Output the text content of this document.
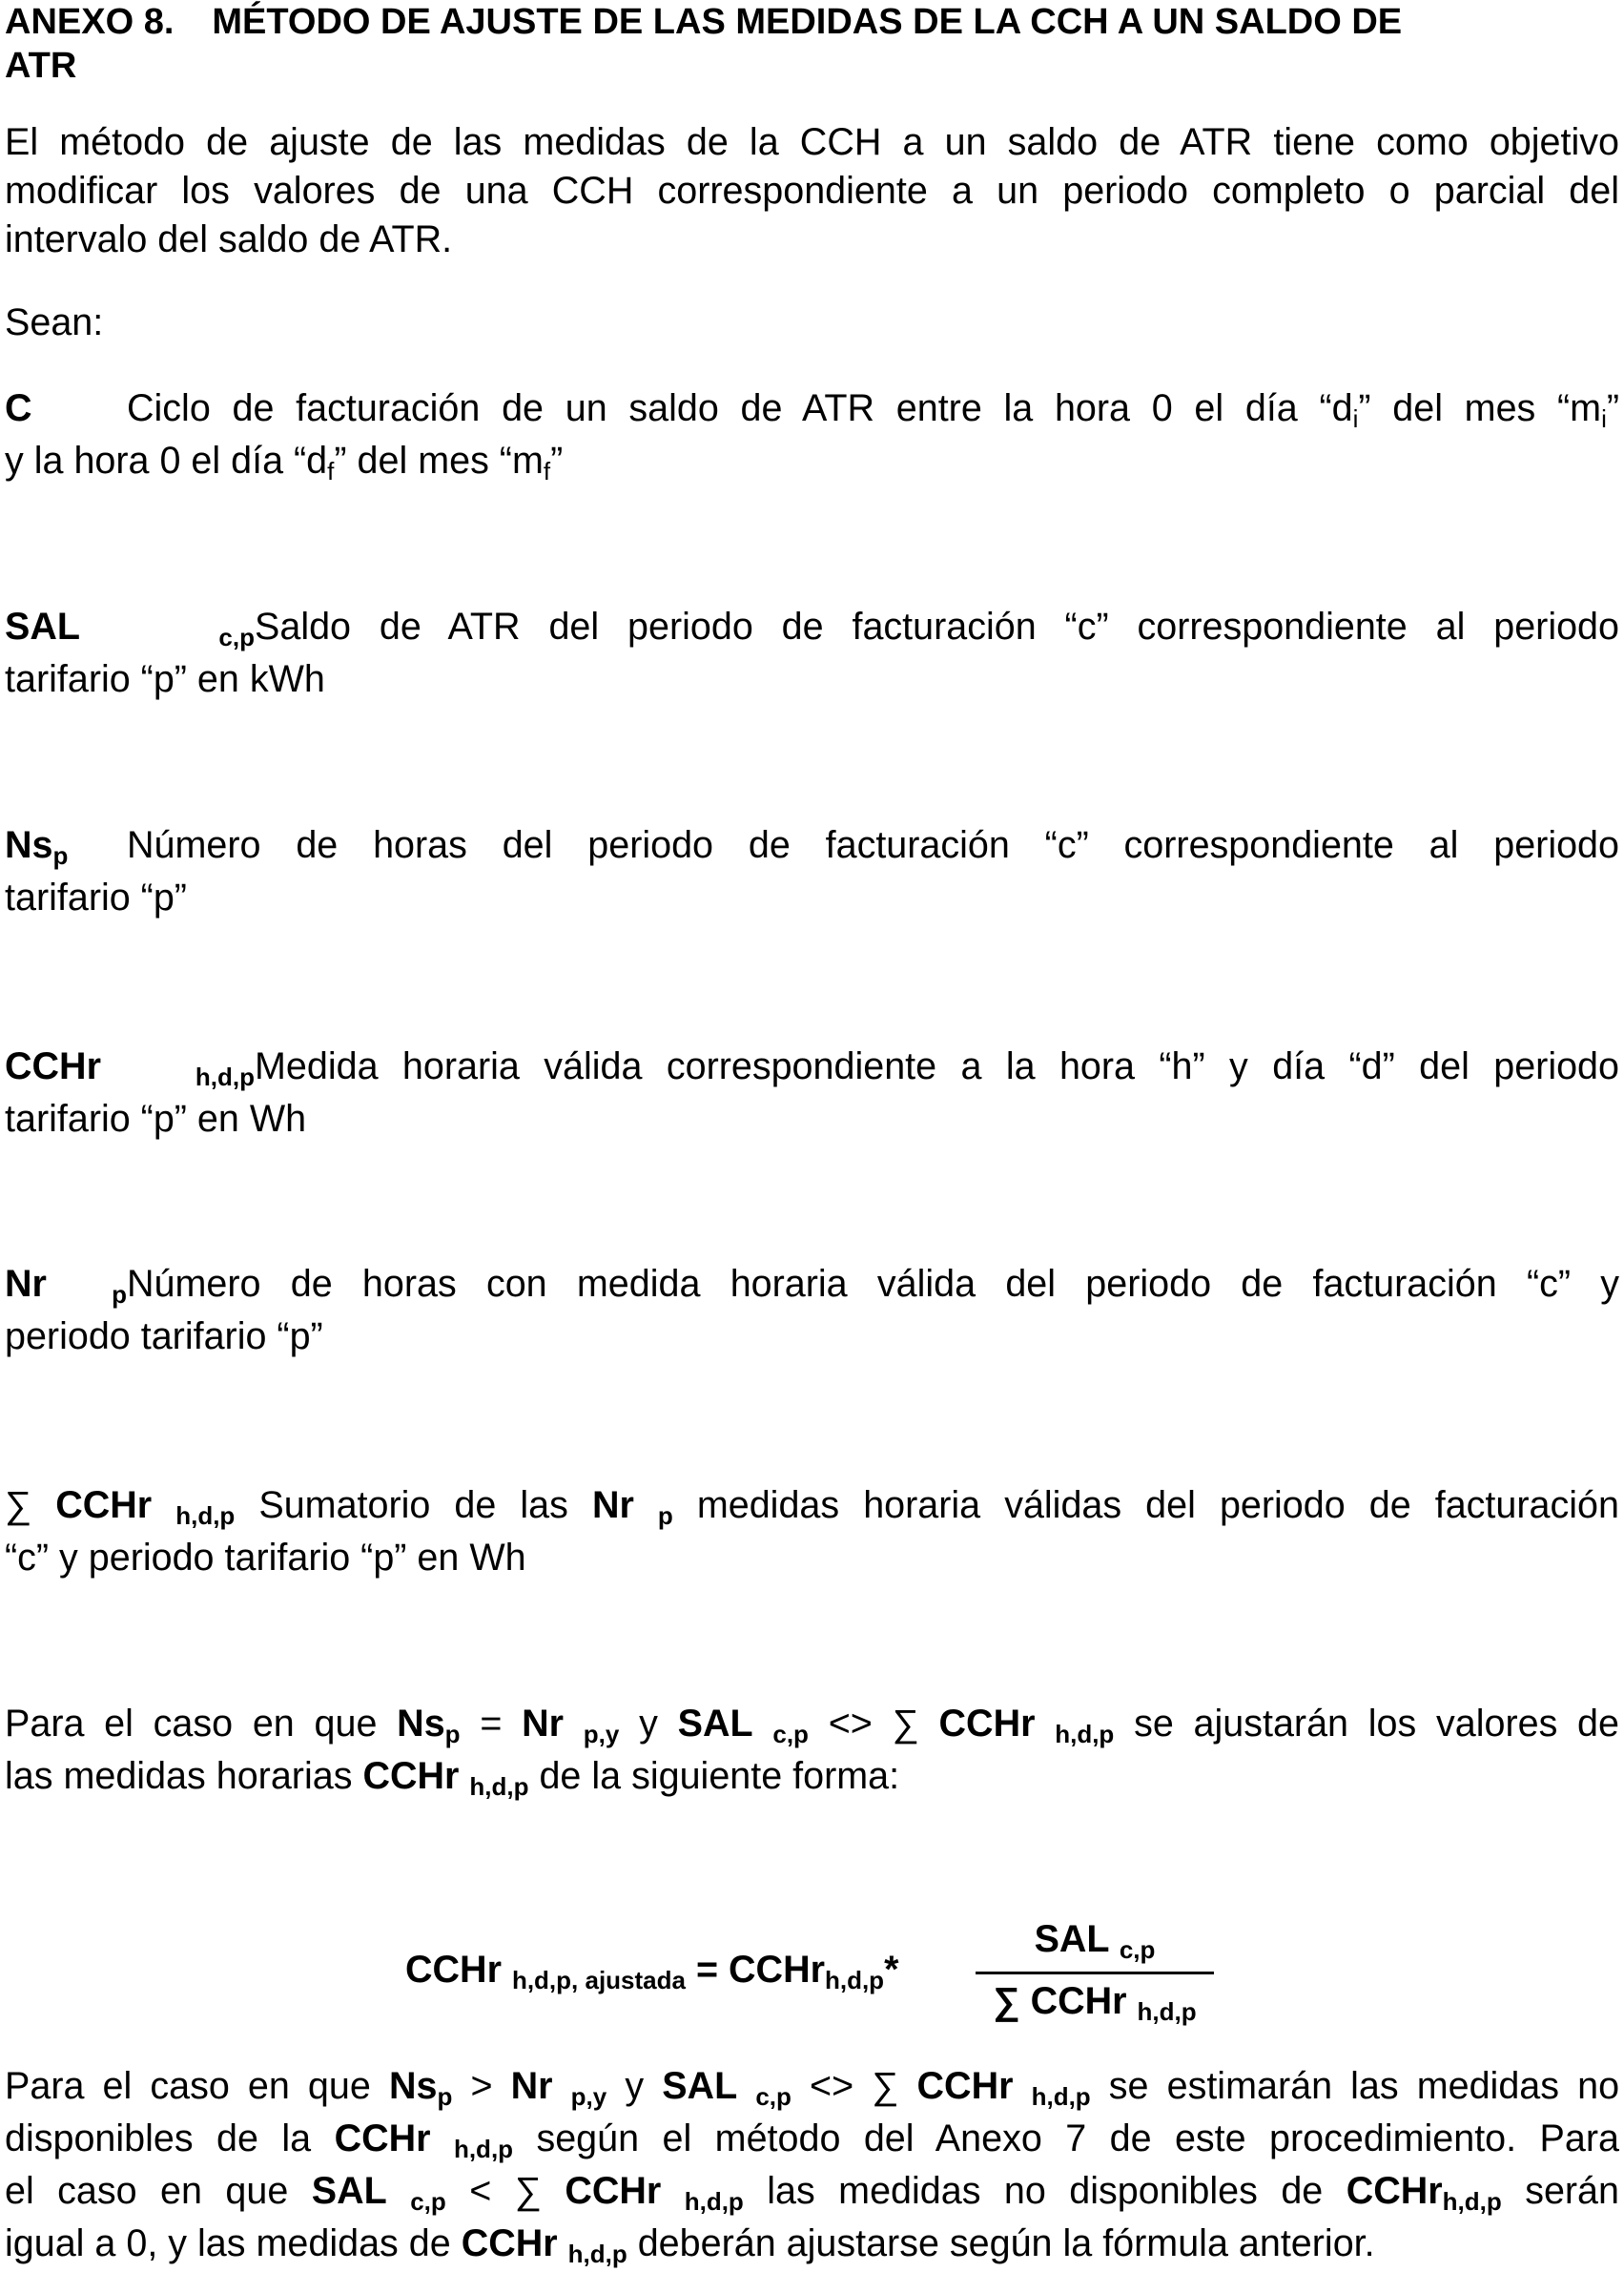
ANEXO 8. MÉTODO DE AJUSTE DE LAS MEDIDAS DE LA CCH A UN SALDO DE
ATR
El método de ajuste de las medidas de la CCH a un saldo de ATR tiene como objetivo
modificar los valores de una CCH correspondiente a un periodo completo o parcial del
intervalo del saldo de ATR.
Sean:
C	Ciclo de facturación de un saldo de ATR entre la hora 0 el día “di” del mes “mi”
y la hora 0 el día “df” del mes “mf”
SAL	c,pSaldo de ATR del periodo de facturación “c” correspondiente al periodo
tarifario “p” en kWh
Nsp Número de horas del periodo de facturación “c” correspondiente al periodo
tarifario “p”
CCHr	h,d,pMedida horaria válida correspondiente a la hora “h” y día “d” del periodo
tarifario “p” en Wh
Nr	pNúmero de horas con medida horaria válida del periodo de facturación “c” y
periodo tarifario “p”
∑ CCHr h,d,p Sumatorio de las Nr p medidas horaria válidas del periodo de facturación
“c” y periodo tarifario “p” en Wh
Para el caso en que Nsp = Nr p,y y SAL c,p <> ∑ CCHr h,d,p se ajustarán los valores de
las medidas horarias CCHr h,d,p de la siguiente forma:
CCHr h,d,p, ajustada = CCHrh,d,p*
SAL c,p
∑ CCHr h,d,p
Para el caso en que Nsp > Nr p,y y SAL c,p <> ∑ CCHr h,d,p se estimarán las medidas no
disponibles de la CCHr h,d,p según el método del Anexo 7 de este procedimiento. Para
el caso en que SAL c,p < ∑ CCHr h,d,p las medidas no disponibles de CCHrh,d,p serán
igual a 0, y las medidas de CCHr h,d,p deberán ajustarse según la fórmula anterior.
